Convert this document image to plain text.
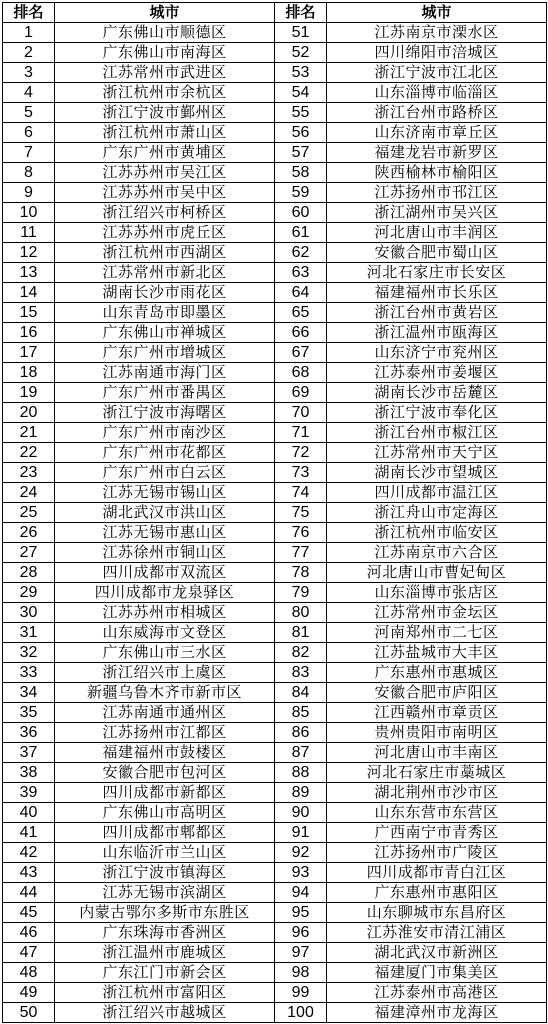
排名	城市	排名	城市
1	广东佛山市顺德区	51	江苏南京市溧水区
2	广东佛山市南海区	52	四川绵阳市涪城区
3	江苏常州市武进区	53	浙江宁波市江北区
4	浙江杭州市余杭区	54	山东淄博市临淄区
5	浙江宁波市鄞州区	55	浙江台州市路桥区
6	浙江杭州市萧山区	56	山东济南市章丘区
7	广东广州市黄埔区	57	福建龙岩市新罗区
8	江苏苏州市吴江区	58	陕西榆林市榆阳区
9	江苏苏州市吴中区	59	江苏扬州市邗江区
10	浙江绍兴市柯桥区	60	浙江湖州市吴兴区
11	江苏苏州市虎丘区	61	河北唐山市丰润区
12	浙江杭州市西湖区	62	安徽合肥市蜀山区
13	江苏常州市新北区	63	河北石家庄市长安区
14	湖南长沙市雨花区	64	福建福州市长乐区
15	山东青岛市即墨区	65	浙江台州市黄岩区
16	广东佛山市禅城区	66	浙江温州市瓯海区
17	广东广州市增城区	67	山东济宁市兖州区
18	江苏南通市海门区	68	江苏泰州市姜堰区
19	广东广州市番禺区	69	湖南长沙市岳麓区
20	浙江宁波市海曙区	70	浙江宁波市奉化区
21	广东广州市南沙区	71	浙江台州市椒江区
22	广东广州市花都区	72	江苏常州市天宁区
23	广东广州市白云区	73	湖南长沙市望城区
24	江苏无锡市锡山区	74	四川成都市温江区
25	湖北武汉市洪山区	75	浙江舟山市定海区
26	江苏无锡市惠山区	76	浙江杭州市临安区
27	江苏徐州市铜山区	77	江苏南京市六合区
28	四川成都市双流区	78	河北唐山市曹妃甸区
29	四川成都市龙泉驿区	79	山东淄博市张店区
30	江苏苏州市相城区	80	江苏常州市金坛区
31	山东威海市文登区	81	河南郑州市二七区
32	广东佛山市三水区	82	江苏盐城市大丰区
33	浙江绍兴市上虞区	83	广东惠州市惠城区
34	新疆乌鲁木齐市新市区	84	安徽合肥市庐阳区
35	江苏南通市通州区	85	江西赣州市章贡区
36	江苏扬州市江都区	86	贵州贵阳市南明区
37	福建福州市鼓楼区	87	河北唐山市丰南区
38	安徽合肥市包河区	88	河北石家庄市藁城区
39	四川成都市新都区	89	湖北荆州市沙市区
40	广东佛山市高明区	90	山东东营市东营区
41	四川成都市郫都区	91	广西南宁市青秀区
42	山东临沂市兰山区	92	江苏扬州市广陵区
43	浙江宁波市镇海区	93	四川成都市青白江区
44	江苏无锡市滨湖区	94	广东惠州市惠阳区
45	内蒙古鄂尔多斯市东胜区	95	山东聊城市东昌府区
46	广东珠海市香洲区	96	江苏淮安市清江浦区
47	浙江温州市鹿城区	97	湖北武汉市新洲区
48	广东江门市新会区	98	福建厦门市集美区
49	浙江杭州市富阳区	99	江苏泰州市高港区
50	浙江绍兴市越城区	100	福建漳州市龙海区
